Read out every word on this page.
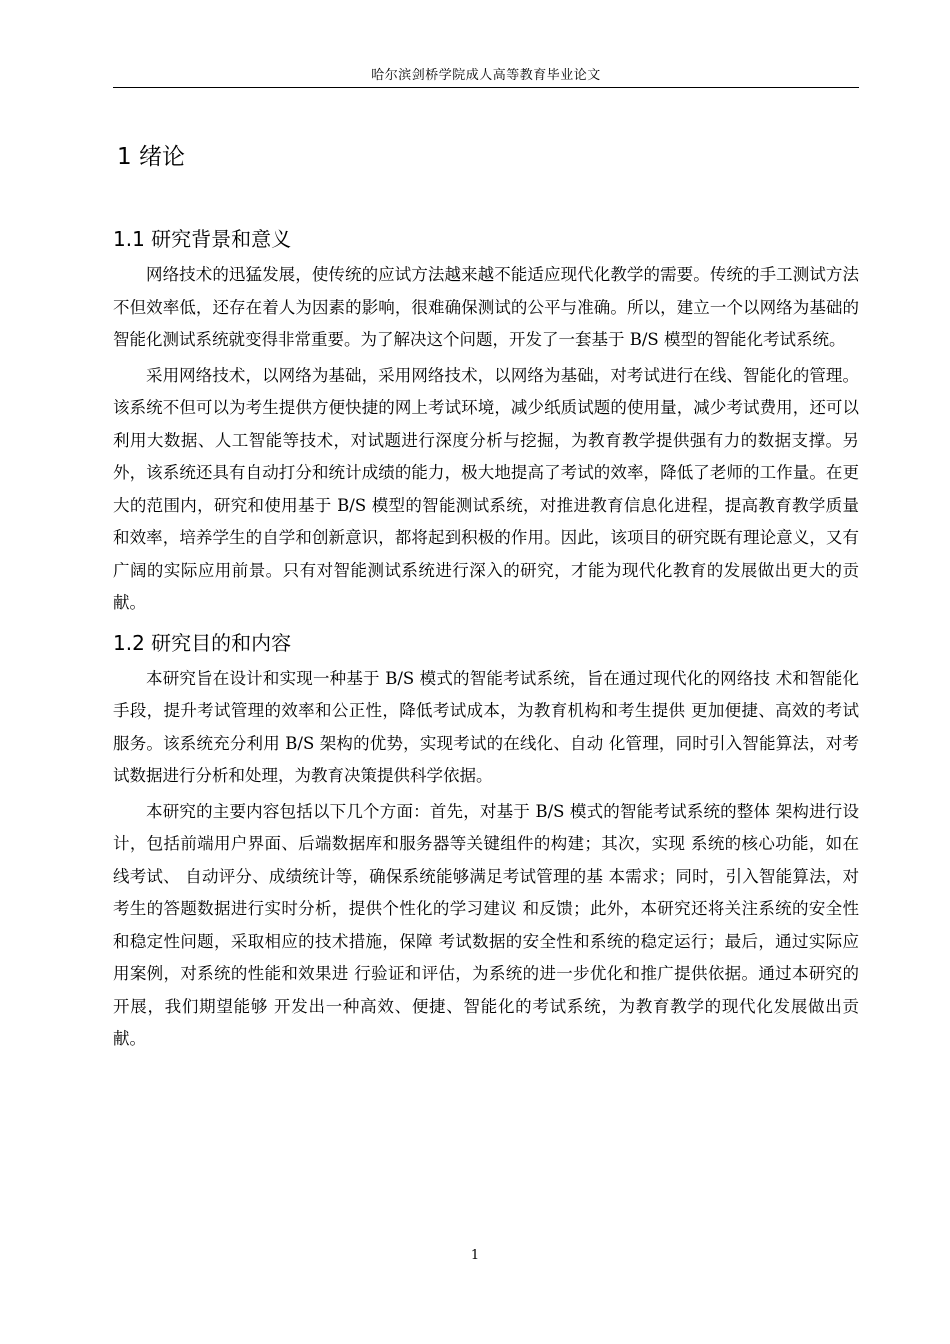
哈尔滨剑桥学院成人高等教育毕业论文
1 绪论
1.1 研究背景和意义

网络技术的迅猛发展，使传统的应试方法越来越不能适应现代化教学的需要。传统的手工测试方法不但效率低，还存在着人为因素的影响，很难确保测试的公平与准确。所以，建立一个以网络为基础的智能化测试系统就变得非常重要。为了解决这个问题，开发了一套基于 B/S 模型的智能化考试系统。

采用网络技术，以网络为基础，采用网络技术，以网络为基础，对考试进行在线、智能化的管理。该系统不但可以为考生提供方便快捷的网上考试环境，减少纸质试题的使用量，减少考试费用，还可以利用大数据、人工智能等技术，对试题进行深度分析与挖掘，为教育教学提供强有力的数据支撑。另外，该系统还具有自动打分和统计成绩的能力，极大地提高了考试的效率，降低了老师的工作量。在更大的范围内，研究和使用基于 B/S 模型的智能测试系统，对推进教育信息化进程，提高教育教学质量和效率，培养学生的自学和创新意识，都将起到积极的作用。因此，该项目的研究既有理论意义，又有广阔的实际应用前景。只有对智能测试系统进行深入的研究，才能为现代化教育的发展做出更大的贡献。

1.2 研究目的和内容

本研究旨在设计和实现一种基于 B/S 模式的智能考试系统，旨在通过现代化的网络技 术和智能化手段，提升考试管理的效率和公正性，降低考试成本，为教育机构和考生提供 更加便捷、高效的考试服务。该系统充分利用 B/S 架构的优势，实现考试的在线化、自动 化管理，同时引入智能算法，对考试数据进行分析和处理，为教育决策提供科学依据。

本研究的主要内容包括以下几个方面：首先，对基于 B/S 模式的智能考试系统的整体 架构进行设计，包括前端用户界面、后端数据库和服务器等关键组件的构建；其次，实现 系统的核心功能，如在线考试、 自动评分、成绩统计等，确保系统能够满足考试管理的基 本需求；同时，引入智能算法，对考生的答题数据进行实时分析，提供个性化的学习建议 和反馈；此外，本研究还将关注系统的安全性和稳定性问题，采取相应的技术措施，保障 考试数据的安全性和系统的稳定运行；最后，通过实际应用案例，对系统的性能和效果进 行验证和评估，为系统的进一步优化和推广提供依据。通过本研究的开展，我们期望能够 开发出一种高效、便捷、智能化的考试系统，为教育教学的现代化发展做出贡献。

1
